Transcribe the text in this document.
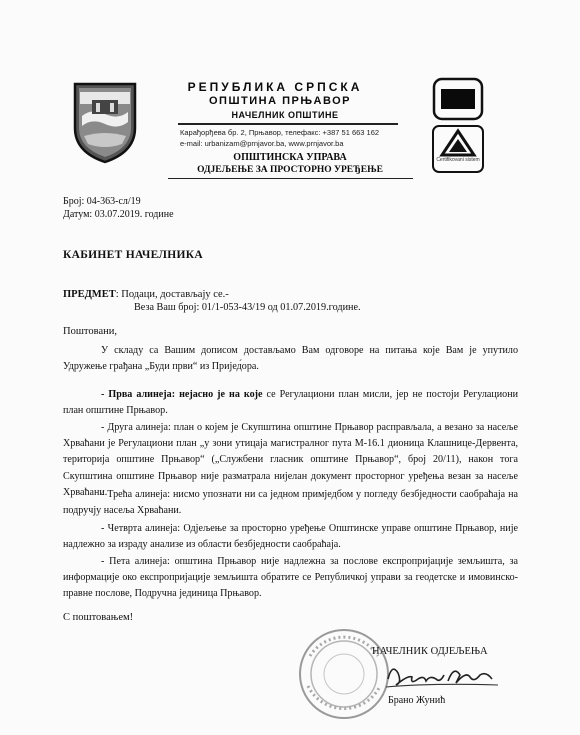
РЕПУБЛИКА СРПСКА
ОПШТИНА ПРЊАВОР
НАЧЕЛНИК ОПШТИНЕ
Карађорђева бр. 2, Прњавор, телефакс: +387 51 663 162
e-mail: urbanizam@prnjavor.ba, www.prnjavor.ba
ОПШТИНСКА УПРАВА
ОДЈЕЉЕЊЕ ЗА ПРОСТОРНО УРЕЂЕЊЕ
Certifikovani sistem
Број: 04-363-сл/19
Датум: 03.07.2019. године
КАБИНЕТ НАЧЕЛНИКА
ПРЕДМЕТ: Подаци, достављају се.-
Веза Ваш број: 01/1-053-43/19 од 01.07.2019.године.
Поштовани,
У складу са Вашим дописом достављамо Вам одговоре на питања које Вам је упутило Удружење грађана „Буди први“ из Пријед́ора.
- Прва алинеја: нејасно је на које се Регулациони план мисли, јер не постоји Регулациони план општине Прњавор.
- Друга алинеја: план о којем је Скупштина општине Прњавор расправљала, а везано за насеље Хрваћани је Регулациони план „у зони утицаја магистралног пута М-16.1 дионица Клашнице-Дервента, територија општине Прњавор“ („Службени гласник општине Прњавор“, број 20/11), након тога Скупштина општине Прњавор није разматрала нијелан документ просторног уређења везан за насеље Хрваћани.
- Трећа алинеја: нисмо упознати ни са једном примједбом у погледу безбједности саобраћаја на подручју насеља Хрваћани.
- Четврта алинеја: Одјељење за просторно уређење Општинске управе општине Прњавор, није надлежно за израду анализе из области безбједности саобраћаја.
- Пета алинеја: општина Прњавор није надлежна за послове експропријације земљишта, за информације око експропријације земљишта обратите се Републичкој управи за геодетске и имовинско-правне послове, Подручна јединица Прњавор.
С поштовањем!
НАЧЕЛНИК ОДЈЕЉЕЊА
Брано Жунић
